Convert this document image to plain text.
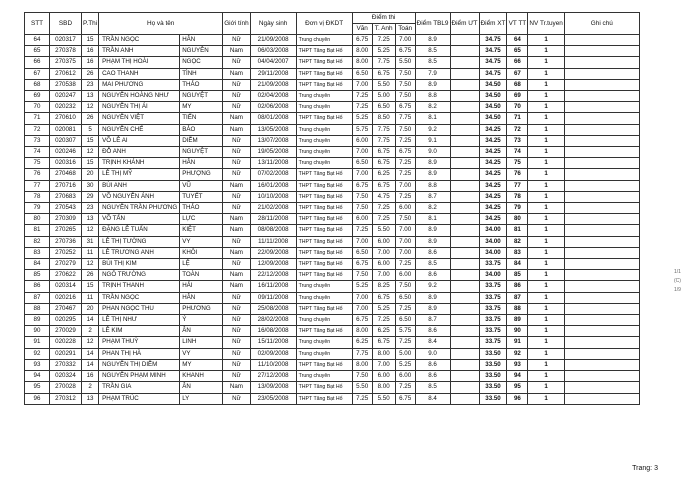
STT	SBD	P.Thi	Họ và tên		Giới tính	Ngày sinh	Đơn vị ĐKDT	Điểm thi			Điểm TBL9	Điểm ƯT	Điểm XT	VT TT	NV Tr.tuyen	Ghi chú
								Văn	T. Anh	Toán						
64	020317	15	TRẦN NGỌC	HÂN	Nữ	21/09/2008	Trung chuyên	6.75	7.25	7.00	8.9		34.75	64	1	
65	270378	16	TRẦN ANH	NGUYÊN	Nam	06/03/2008	THPT Tăng Bạt Hổ	8.00	5.25	6.75	8.5		34.75	65	1	
66	270375	16	PHẠM THỊ HOÀI	NGỌC	Nữ	04/04/2007	THPT Tăng Bạt Hổ	8.00	7.75	5.50	8.5		34.75	66	1	
67	270612	26	CAO THANH	TÌNH	Nam	29/11/2008	THPT Tăng Bạt Hổ	6.50	6.75	7.50	7.9		34.75	67	1	
68	270538	23	MAI PHƯƠNG	THẢO	Nữ	21/09/2008	THPT Tăng Bạt Hổ	7.00	5.50	7.50	8.9		34.50	68	1	
69	020247	13	NGUYỄN HOÀNG NHƯ	NGUYỆT	Nữ	02/04/2008	Trung chuyên	7.25	5.00	7.50	8.8		34.50	69	1	
70	020232	12	NGUYỄN THỊ ÁI	MY	Nữ	02/06/2008	Trung chuyên	7.25	6.50	6.75	8.2		34.50	70	1	
71	270610	26	NGUYỄN VIỆT	TIẾN	Nam	08/01/2008	THPT Tăng Bạt Hổ	5.25	8.50	7.75	8.1		34.50	71	1	
72	020081	5	NGUYỄN CHẾ	BẢO	Nam	13/05/2008	Trung chuyên	5.75	7.75	7.50	9.2		34.25	72	1	
73	020307	15	VÕ LÊ AI	DIỄM	Nữ	13/07/2008	Trung chuyên	6.00	7.75	7.25	9.1		34.25	73	1	
74	020246	12	ĐỖ ANH	NGUYỆT	Nữ	19/05/2008	Trung chuyên	7.00	6.75	6.75	9.0		34.25	74	1	
75	020316	15	TRỊNH KHÁNH	HÂN	Nữ	13/11/2008	Trung chuyên	6.50	6.75	7.25	8.9		34.25	75	1	
76	270468	20	LÊ THỊ MỸ	PHƯỢNG	Nữ	07/02/2008	THPT Tăng Bạt Hổ	7.00	6.25	7.25	8.9		34.25	76	1	
77	270716	30	BÙI ANH	VŨ	Nam	16/01/2008	THPT Tăng Bạt Hổ	6.75	6.75	7.00	8.8		34.25	77	1	
78	270683	29	VÕ NGUYỄN ÁNH	TUYẾT	Nữ	10/10/2008	THPT Tăng Bạt Hổ	7.50	4.75	7.25	8.7		34.25	78	1	
79	270543	23	NGUYỄN TRẦN PHƯƠNG	THẢO	Nữ	21/02/2008	THPT Tăng Bạt Hổ	7.50	7.25	6.00	8.2		34.25	79	1	
80	270309	13	VÕ TẤN	LỰC	Nam	28/11/2008	THPT Tăng Bạt Hổ	6.00	7.25	7.50	8.1		34.25	80	1	
81	270265	12	ĐẶNG LÊ TUẤN	KIỆT	Nam	08/08/2008	THPT Tăng Bạt Hổ	7.25	5.50	7.00	8.9		34.00	81	1	
82	270736	31	LÊ THỊ TƯỜNG	VY	Nữ	11/11/2008	THPT Tăng Bạt Hổ	7.00	6.00	7.00	8.9		34.00	82	1	
83	270252	11	LÊ TRƯƠNG ANH	KHÔI	Nam	22/09/2008	THPT Tăng Bạt Hổ	6.50	7.00	7.00	8.6		34.00	83	1	
84	270279	12	BÙI THỊ KIM	LỆ	Nữ	12/09/2008	THPT Tăng Bạt Hổ	6.75	6.00	7.25	8.5		33.75	84	1	
85	270622	26	NGÔ TRƯỜNG	TOÀN	Nam	22/12/2008	THPT Tăng Bạt Hổ	7.50	7.00	6.00	8.6		34.00	85	1	
86	020314	15	TRỊNH THANH	HẢI	Nam	16/11/2008	Trung chuyên	5.25	8.25	7.50	9.2		33.75	86	1	
87	020216	11	TRẦN NGỌC	HÂN	Nữ	09/11/2008	Trung chuyên	7.00	6.75	6.50	8.9		33.75	87	1	
88	270467	20	PHAN NGỌC THU	PHƯƠNG	Nữ	25/08/2008	THPT Tăng Bạt Hổ	7.00	5.25	7.25	8.9		33.75	88	1	
89	020295	14	LÊ THỊ NHƯ	Ý	Nữ	28/02/2008	Trung chuyên	6.75	7.25	6.50	8.7		33.75	89	1	
90	270029	2	LÊ KIM	ÂN	Nữ	16/08/2008	THPT Tăng Bạt Hổ	8.00	6.25	5.75	8.6		33.75	90	1	
91	020228	12	PHẠM THUỲ	LINH	Nữ	15/11/2008	Trung chuyên	6.25	6.75	7.25	8.4		33.75	91	1	
92	020291	14	PHAN THỊ HÀ	VY	Nữ	02/09/2008	Trung chuyên	7.75	8.00	5.00	9.0		33.50	92	1	
93	270332	14	NGUYỄN THỊ DIỄM	MY	Nữ	11/10/2008	THPT Tăng Bạt Hổ	8.00	7.00	5.25	8.6		33.50	93	1	
94	020324	16	NGUYỄN PHẠM MINH	KHANH	Nữ	27/12/2008	Trung chuyên	7.50	6.00	6.00	8.6		33.50	94	1	
95	270028	2	TRẦN GIA	ÂN	Nam	13/09/2008	THPT Tăng Bạt Hổ	5.50	8.00	7.25	8.5		33.50	95	1	
96	270312	13	PHẠM TRÚC	LY	Nữ	23/05/2008	THPT Tăng Bạt Hổ	7.25	5.50	6.75	8.4		33.50	96	1	
1/1 (C) 1/9
Trang: 3
